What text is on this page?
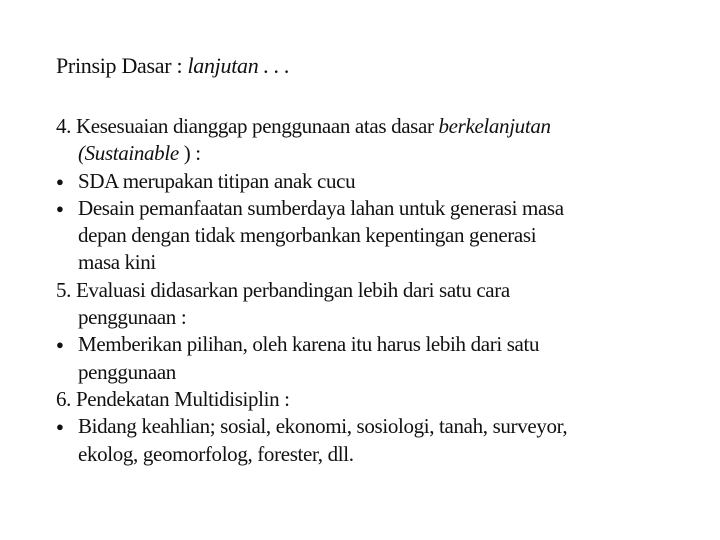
Prinsip Dasar : lanjutan . . .
4. Kesesuaian dianggap penggunaan atas dasar berkelanjutan
(Sustainable ) :
● SDA merupakan titipan anak cucu
● Desain pemanfaatan sumberdaya lahan untuk generasi masa
depan dengan tidak mengorbankan kepentingan generasi
masa kini
5. Evaluasi didasarkan perbandingan lebih dari satu cara
penggunaan :
● Memberikan pilihan, oleh karena itu harus lebih dari satu
penggunaan
6. Pendekatan Multidisiplin :
● Bidang keahlian; sosial, ekonomi, sosiologi, tanah, surveyor,
ekolog, geomorfolog, forester, dll.
